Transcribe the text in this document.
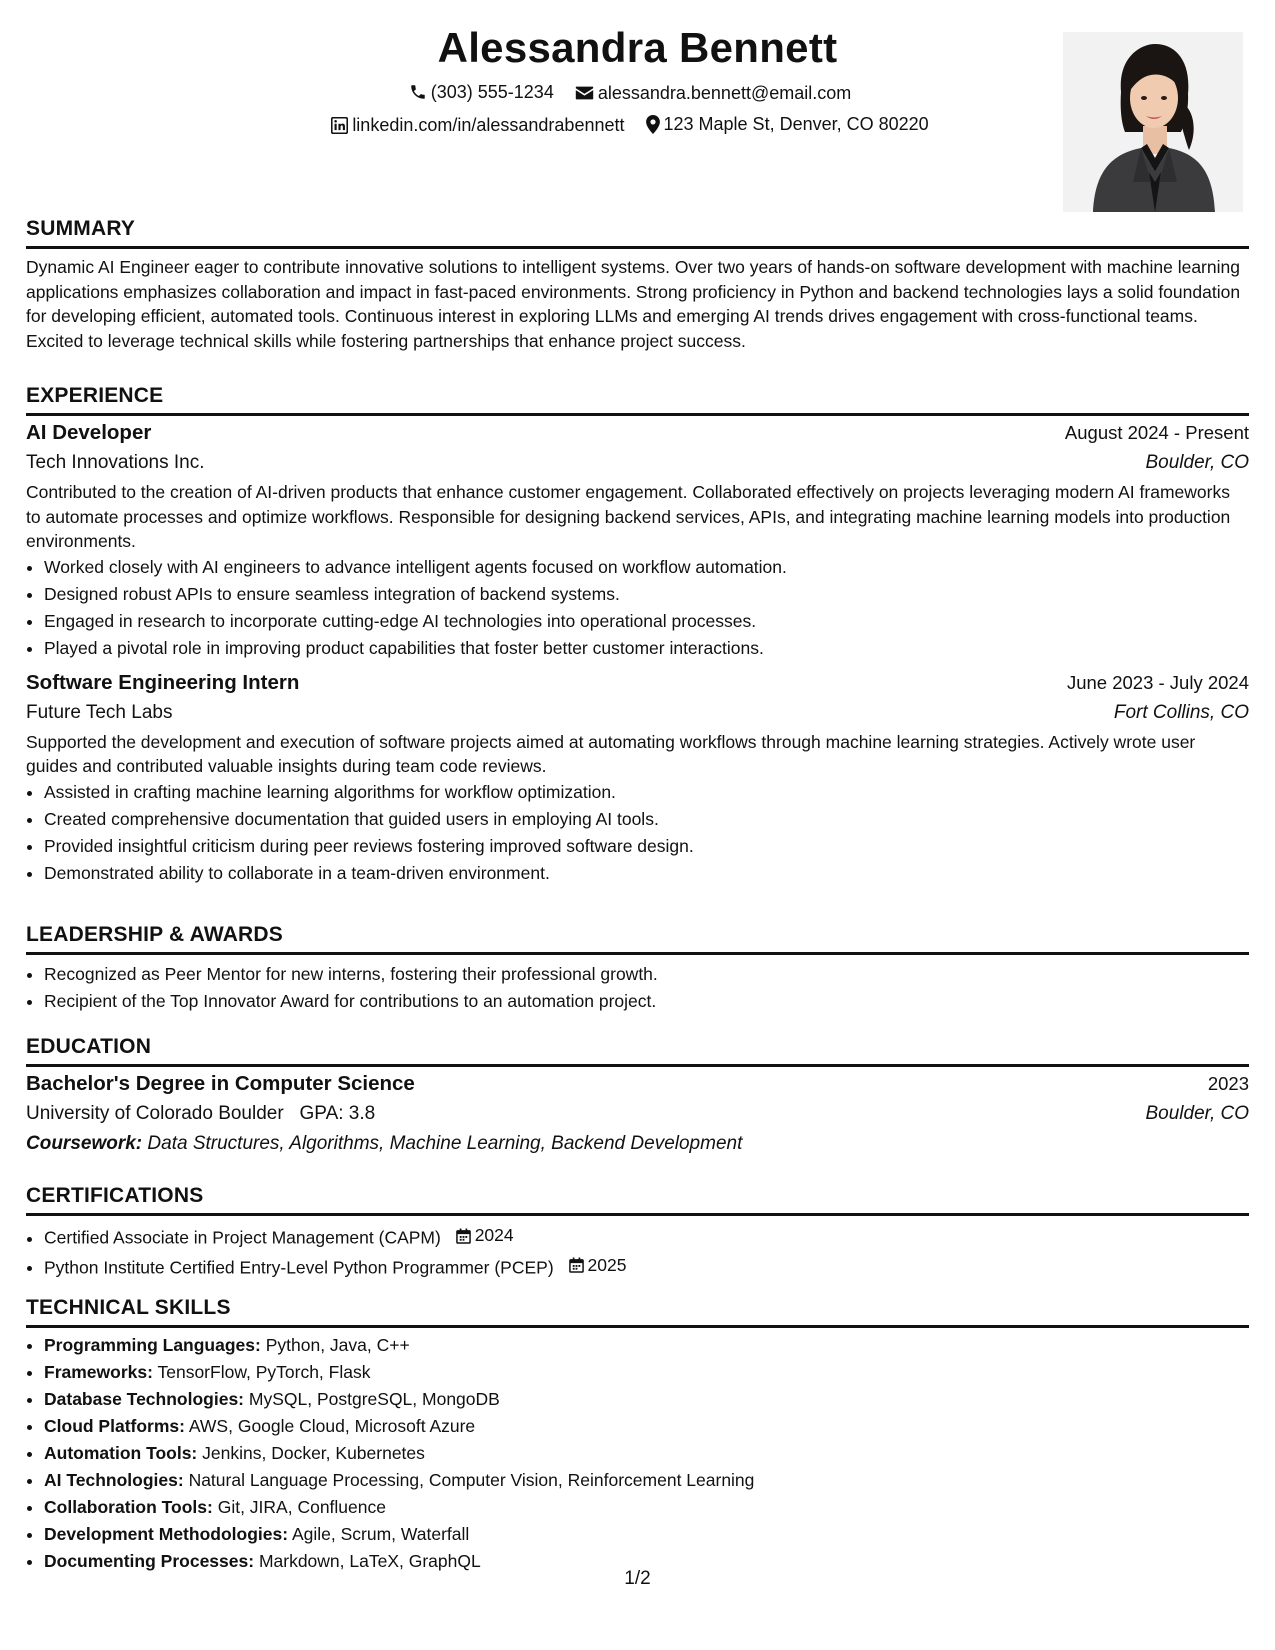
Alessandra Bennett
(303) 555-1234
alessandra.bennett@email.com
linkedin.com/in/alessandrabennett
123 Maple St, Denver, CO 80220
SUMMARY

Dynamic AI Engineer eager to contribute innovative solutions to intelligent systems. Over two years of hands-on software development with machine learning applications emphasizes collaboration and impact in fast-paced environments. Strong proficiency in Python and backend technologies lays a solid foundation for developing efficient, automated tools. Continuous interest in exploring LLMs and emerging AI trends drives engagement with cross-functional teams. Excited to leverage technical skills while fostering partnerships that enhance project success.

EXPERIENCE
AI Developer	August 2024 - Present
Tech Innovations Inc.	Boulder, CO

Contributed to the creation of AI-driven products that enhance customer engagement. Collaborated effectively on projects leveraging modern AI frameworks to automate processes and optimize workflows. Responsible for designing backend services, APIs, and integrating machine learning models into production environments.

• Worked closely with AI engineers to advance intelligent agents focused on workflow automation.
• Designed robust APIs to ensure seamless integration of backend systems.
• Engaged in research to incorporate cutting-edge AI technologies into operational processes.
• Played a pivotal role in improving product capabilities that foster better customer interactions.
Software Engineering Intern	June 2023 - July 2024
Future Tech Labs	Fort Collins, CO

Supported the development and execution of software projects aimed at automating workflows through machine learning strategies. Actively wrote user guides and contributed valuable insights during team code reviews.

• Assisted in crafting machine learning algorithms for workflow optimization.
• Created comprehensive documentation that guided users in employing AI tools.
• Provided insightful criticism during peer reviews fostering improved software design.
• Demonstrated ability to collaborate in a team-driven environment.
LEADERSHIP & AWARDS
• Recognized as Peer Mentor for new interns, fostering their professional growth.
• Recipient of the Top Innovator Award for contributions to an automation project.
EDUCATION
Bachelor's Degree in Computer Science	2023
University of Colorado Boulder GPA: 3.8	Boulder, CO
Coursework: Data Structures, Algorithms, Machine Learning, Backend Development
CERTIFICATIONS
• Certified Associate in Project Management (CAPM) 2024
• Python Institute Certified Entry-Level Python Programmer (PCEP) 2025
TECHNICAL SKILLS
• Programming Languages: Python, Java, C++
• Frameworks: TensorFlow, PyTorch, Flask
• Database Technologies: MySQL, PostgreSQL, MongoDB
• Cloud Platforms: AWS, Google Cloud, Microsoft Azure
• Automation Tools: Jenkins, Docker, Kubernetes
• AI Technologies: Natural Language Processing, Computer Vision, Reinforcement Learning
• Collaboration Tools: Git, JIRA, Confluence
• Development Methodologies: Agile, Scrum, Waterfall
• Documenting Processes: Markdown, LaTeX, GraphQL
1/2
